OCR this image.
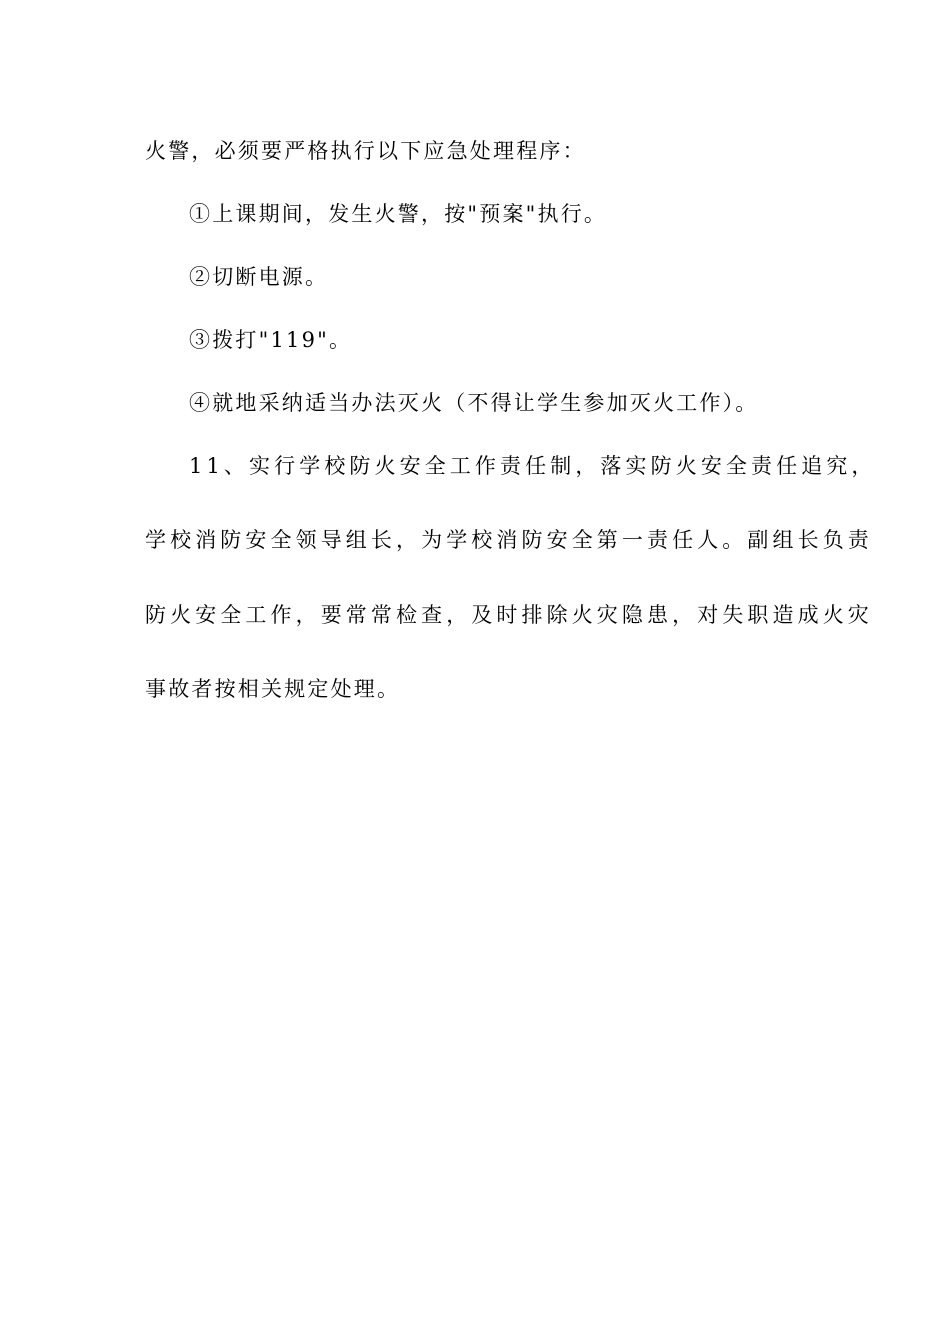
火警，必须要严格执行以下应急处理程序：
①上课期间，发生火警，按"预案"执行。
②切断电源。
③拨打"119"。
④就地采纳适当办法灭火（不得让学生参加灭火工作）。
11、实行学校防火安全工作责任制，落实防火安全责任追究，
学校消防安全领导组长，为学校消防安全第一责任人。副组长负责
防火安全工作，要常常检查，及时排除火灾隐患，对失职造成火灾
事故者按相关规定处理。
